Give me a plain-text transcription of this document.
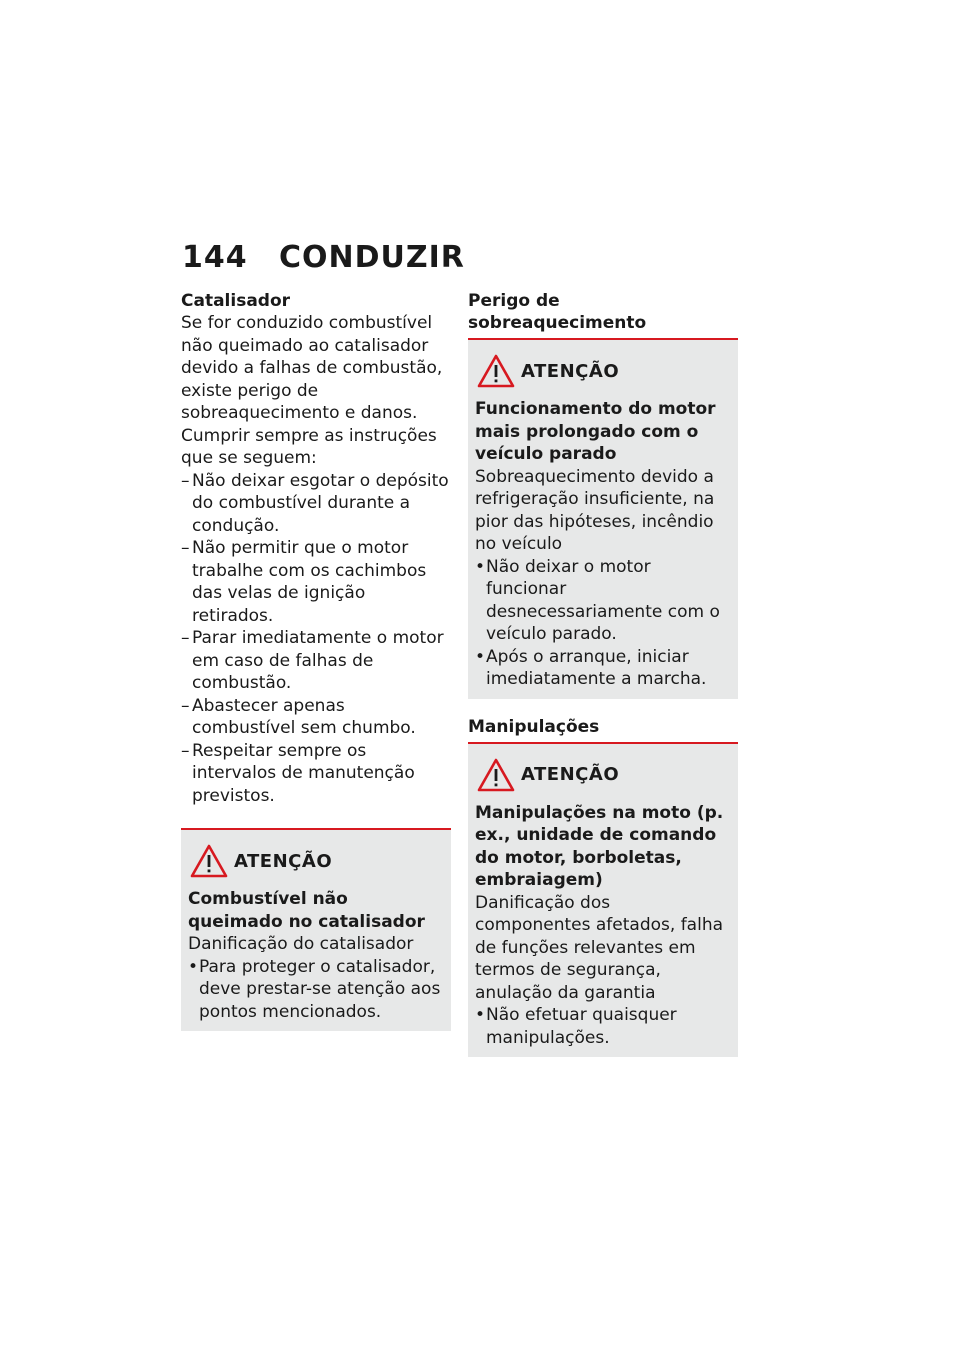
144 CONDUZIR
Catalisador

Se for conduzido combustível não queimado ao catalisador devido a falhas de combustão, existe perigo de sobreaquecimento e danos.

Cumprir sempre as instruções que se seguem:

– Não deixar esgotar o depósito do combustível durante a condução.
– Não permitir que o motor trabalhe com os cachimbos das velas de ignição retirados.
– Parar imediatamente o motor em caso de falhas de combustão.
– Abastecer apenas combustível sem chumbo.
– Respeitar sempre os intervalos de manutenção previstos.
ATENÇÃO
Combustível não queimado no catalisador

Danificação do catalisador

• Para proteger o catalisador, deve prestar-se atenção aos pontos mencionados.
Perigo de sobreaquecimento
ATENÇÃO
Funcionamento do motor mais prolongado com o veículo parado

Sobreaquecimento devido a refrigeração insuficiente, na pior das hipóteses, incêndio no veículo

• Não deixar o motor funcionar desnecessariamente com o veículo parado.
• Após o arranque, iniciar imediatamente a marcha.
Manipulações
ATENÇÃO
Manipulações na moto (p. ex., unidade de comando do motor, borboletas, embraiagem)

Danificação dos componentes afetados, falha de funções relevantes em termos de segurança, anulação da garantia

• Não efetuar quaisquer manipulações.
